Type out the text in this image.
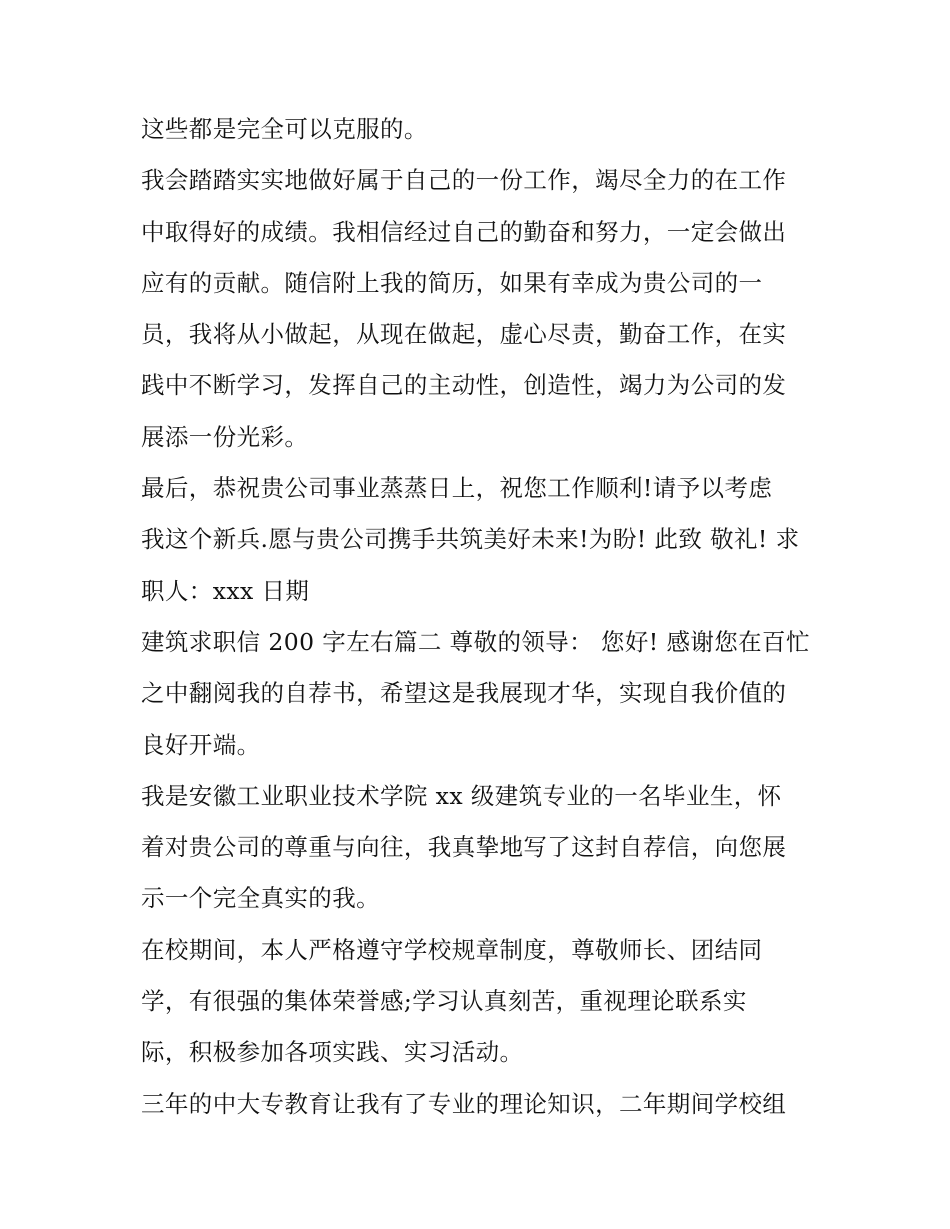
这些都是完全可以克服的。
我会踏踏实实地做好属于自己的一份工作，竭尽全力的在工作
中取得好的成绩。我相信经过自己的勤奋和努力，一定会做出
应有的贡献。随信附上我的简历，如果有幸成为贵公司的一
员，我将从小做起，从现在做起，虚心尽责，勤奋工作，在实
践中不断学习，发挥自己的主动性，创造性，竭力为公司的发
展添一份光彩。
最后，恭祝贵公司事业蒸蒸日上，祝您工作顺利!请予以考虑
我这个新兵.愿与贵公司携手共筑美好未来!为盼! 此致 敬礼! 求
职人：xxx 日期
建筑求职信 200 字左右篇二 尊敬的领导： 您好! 感谢您在百忙
之中翻阅我的自荐书，希望这是我展现才华，实现自我价值的
良好开端。
我是安徽工业职业技术学院 xx 级建筑专业的一名毕业生，怀
着对贵公司的尊重与向往，我真挚地写了这封自荐信，向您展
示一个完全真实的我。
在校期间，本人严格遵守学校规章制度，尊敬师长、团结同
学，有很强的集体荣誉感;学习认真刻苦，重视理论联系实
际，积极参加各项实践、实习活动。
三年的中大专教育让我有了专业的理论知识，二年期间学校组
